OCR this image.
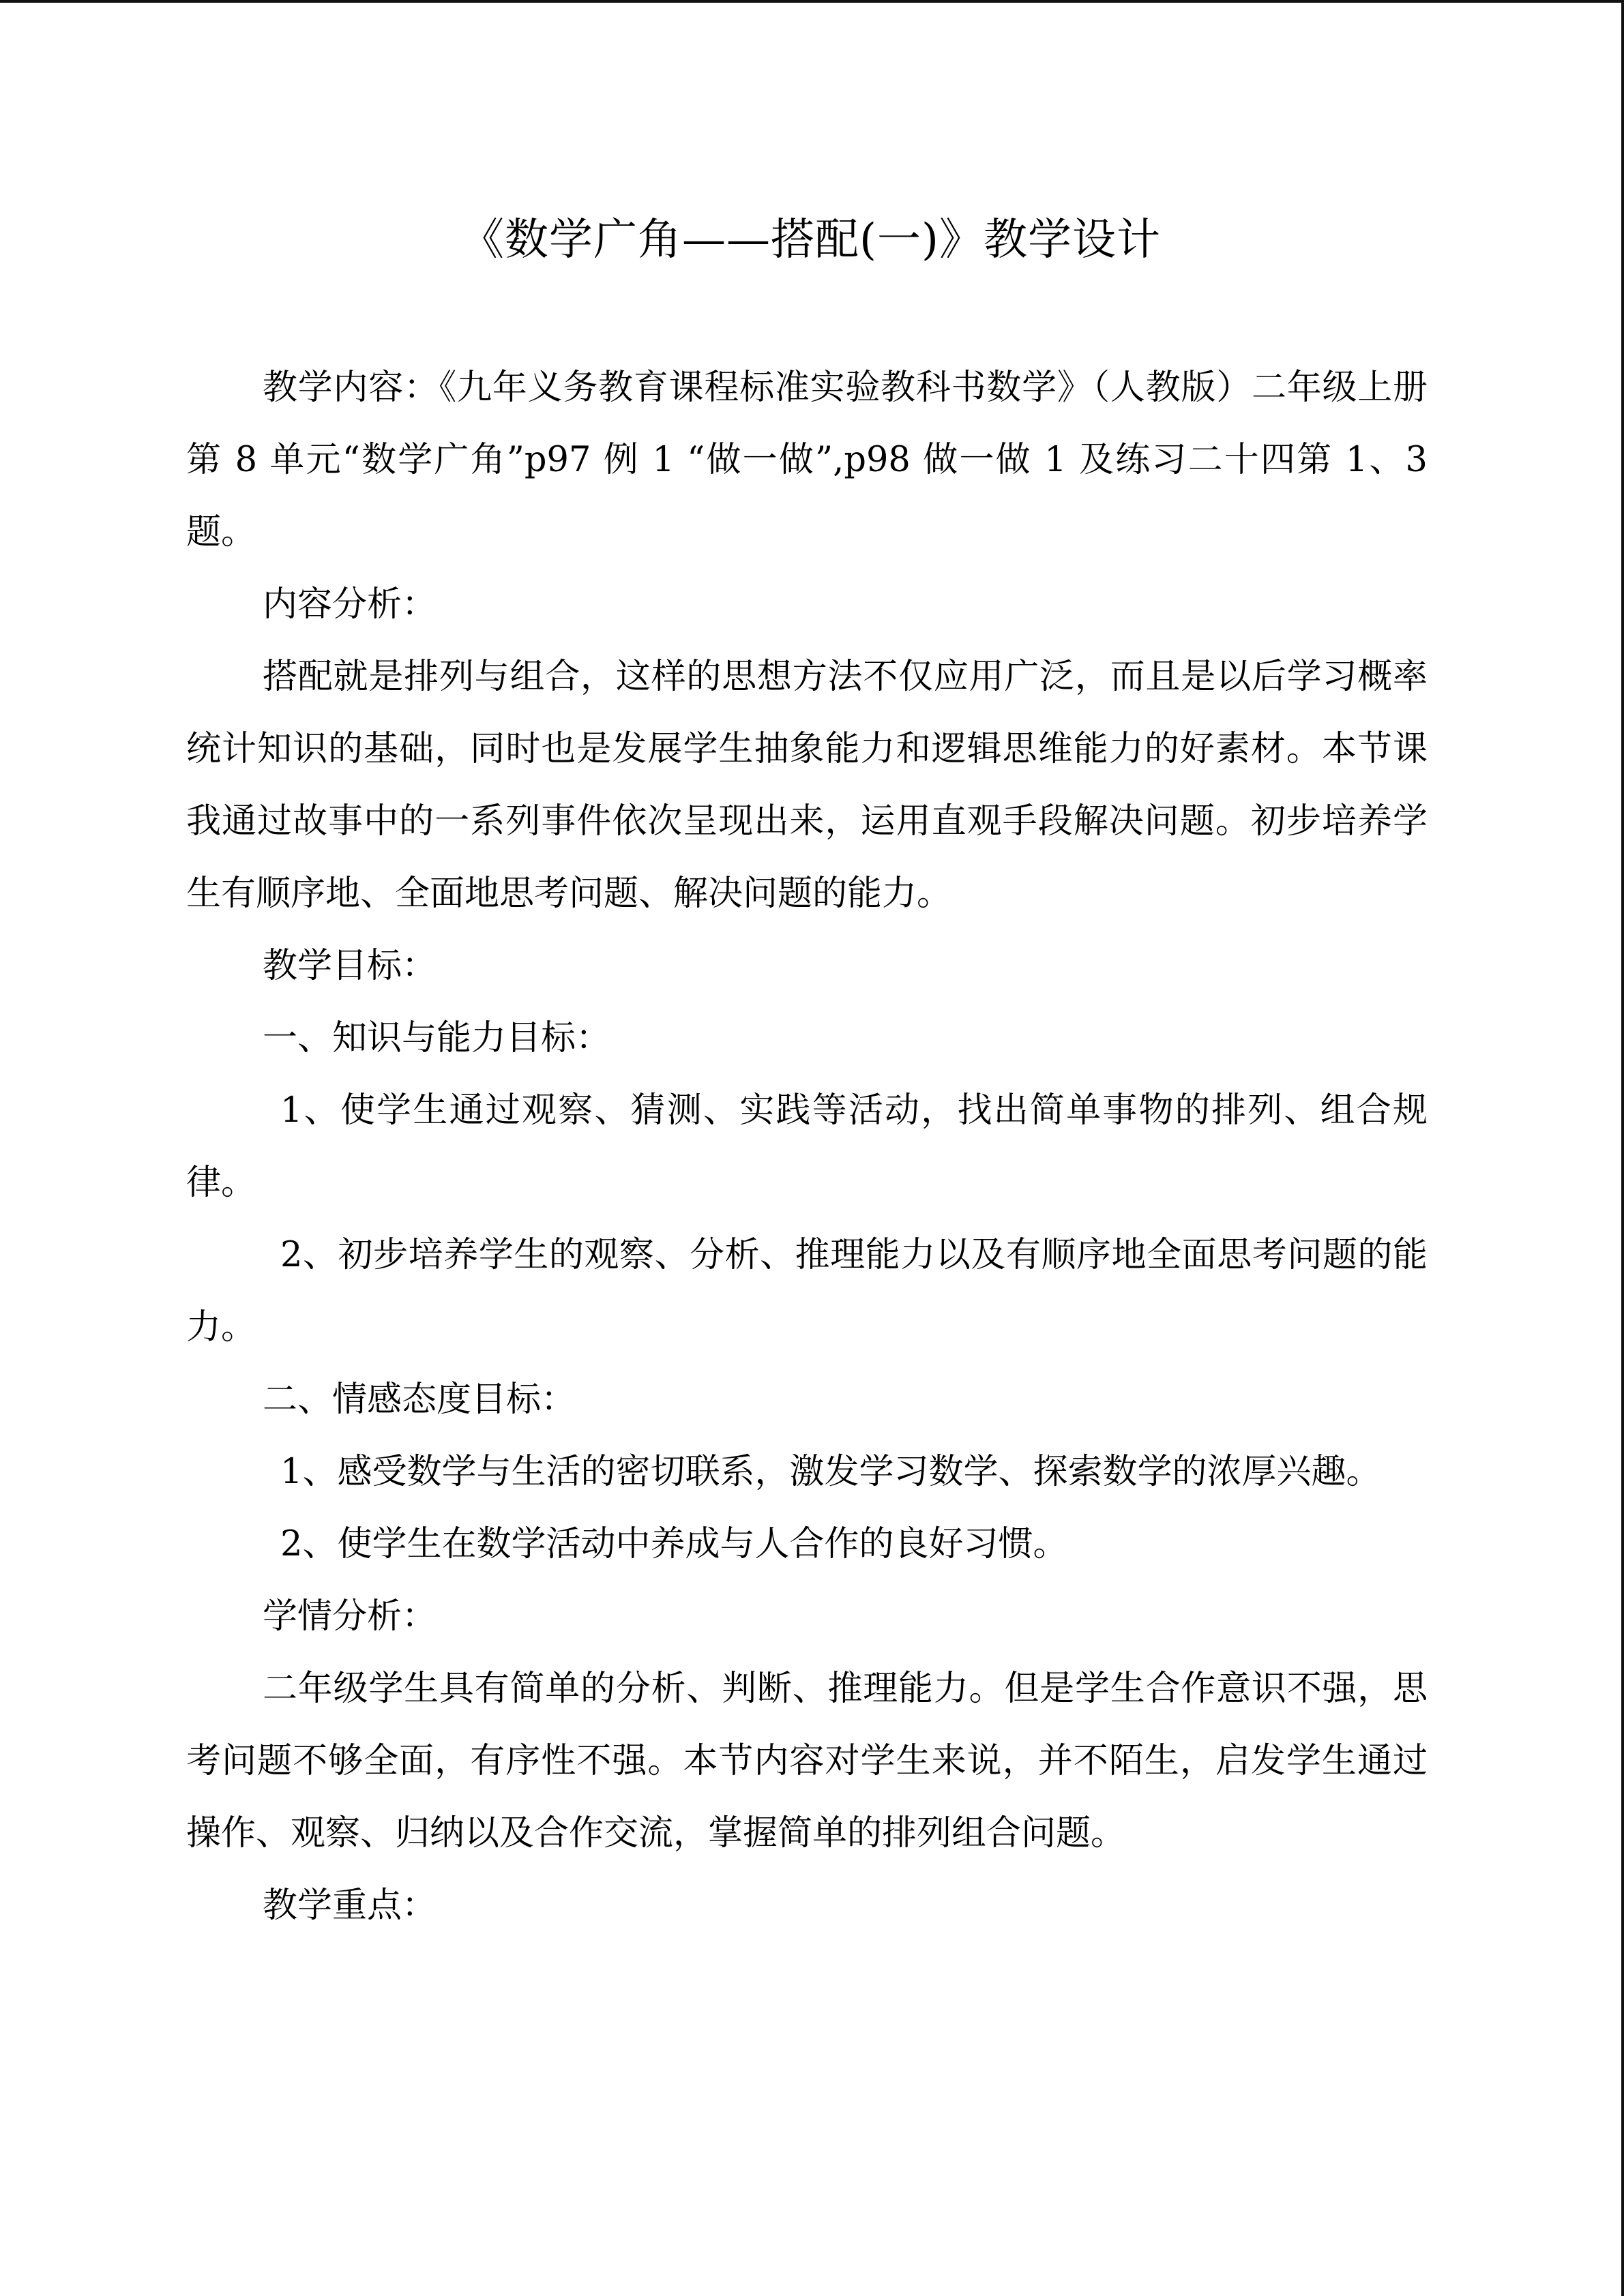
《数学广角——搭配(一)》教学设计

教学内容：《九年义务教育课程标准实验教科书数学》（人教版）二年级上册第 8 单元“数学广角”p97 例 1 “做一做”,p98 做一做 1 及练习二十四第 1、3 题。

内容分析：

搭配就是排列与组合，这样的思想方法不仅应用广泛，而且是以后学习概率统计知识的基础，同时也是发展学生抽象能力和逻辑思维能力的好素材。本节课我通过故事中的一系列事件依次呈现出来，运用直观手段解决问题。初步培养学生有顺序地、全面地思考问题、解决问题的能力。

教学目标：

一、知识与能力目标：

1、使学生通过观察、猜测、实践等活动，找出简单事物的排列、组合规律。

2、初步培养学生的观察、分析、推理能力以及有顺序地全面思考问题的能力。

二、情感态度目标：

1、感受数学与生活的密切联系，激发学习数学、探索数学的浓厚兴趣。

2、使学生在数学活动中养成与人合作的良好习惯。

学情分析：

二年级学生具有简单的分析、判断、推理能力。但是学生合作意识不强，思考问题不够全面，有序性不强。本节内容对学生来说，并不陌生，启发学生通过操作、观察、归纳以及合作交流，掌握简单的排列组合问题。

教学重点：
